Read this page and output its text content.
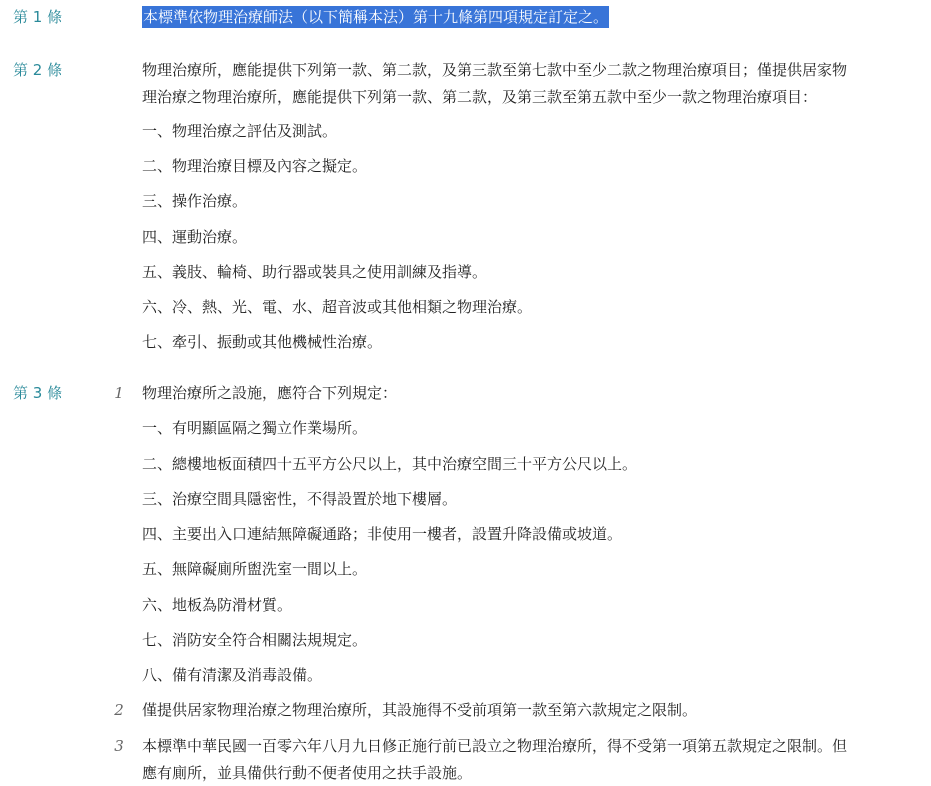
第 1 條	本標準依物理治療師法（以下簡稱本法）第十九條第四項規定訂定之。
第 2 條	物理治療所，應能提供下列第一款、第二款，及第三款至第七款中至少二款之物理治療項目；僅提供居家物
理治療之物理治療所，應能提供下列第一款、第二款，及第三款至第五款中至少一款之物理治療項目：
一、物理治療之評估及測試。
二、物理治療目標及內容之擬定。
三、操作治療。
四、運動治療。
五、義肢、輪椅、助行器或裝具之使用訓練及指導。
六、冷、熱、光、電、水、超音波或其他相類之物理治療。
七、牽引、振動或其他機械性治療。
第 3 條	1 物理治療所之設施，應符合下列規定：
一、有明顯區隔之獨立作業場所。
二、總樓地板面積四十五平方公尺以上，其中治療空間三十平方公尺以上。
三、治療空間具隱密性，不得設置於地下樓層。
四、主要出入口連結無障礙通路；非使用一樓者，設置升降設備或坡道。
五、無障礙廁所盥洗室一間以上。
六、地板為防滑材質。
七、消防安全符合相關法規規定。
八、備有清潔及消毒設備。
2 僅提供居家物理治療之物理治療所，其設施得不受前項第一款至第六款規定之限制。
3 本標準中華民國一百零六年八月九日修正施行前已設立之物理治療所，得不受第一項第五款規定之限制。但
應有廁所，並具備供行動不便者使用之扶手設施。
